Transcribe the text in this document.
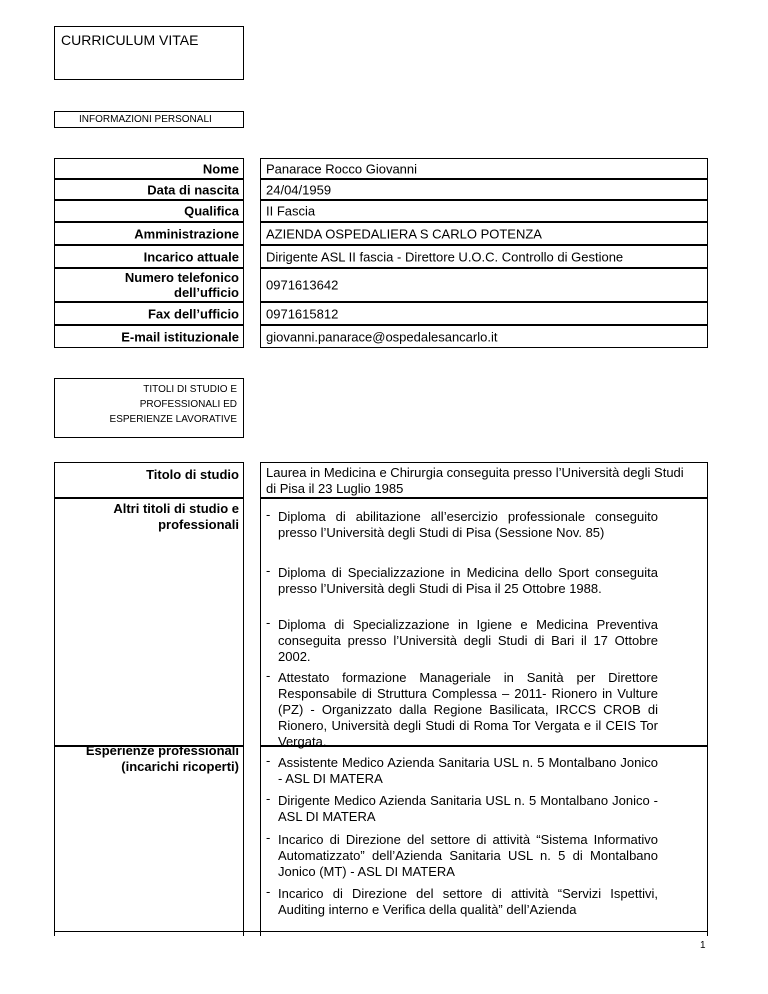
CURRICULUM VITAE
INFORMAZIONI PERSONALI
Nome Panarace Rocco Giovanni
Data di nascita 24/04/1959
Qualifica II Fascia
Amministrazione AZIENDA OSPEDALIERA S CARLO POTENZA
Incarico attuale Dirigente ASL II fascia - Direttore U.O.C. Controllo di Gestione
Numero telefonico dell’ufficio 0971613642
Fax dell’ufficio 0971615812
E-mail istituzionale giovanni.panarace@ospedalesancarlo.it
TITOLI DI STUDIO E
PROFESSIONALI ED
ESPERIENZE LAVORATIVE
Titolo di studio Laurea in Medicina e Chirurgia conseguita presso l’Università degli Studi di Pisa il 23 Luglio 1985
Altri titoli di studio e professionali
- Diploma di abilitazione all’esercizio professionale conseguito presso l’Università degli Studi di Pisa (Sessione Nov. 85)
- Diploma di Specializzazione in Medicina dello Sport conseguita presso l’Università degli Studi di Pisa il 25 Ottobre 1988.
- Diploma di Specializzazione in Igiene e Medicina Preventiva conseguita presso l’Università degli Studi di Bari il 17 Ottobre 2002.
- Attestato formazione Manageriale in Sanità per Direttore Responsabile di Struttura Complessa – 2011- Rionero in Vulture (PZ) - Organizzato dalla Regione Basilicata, IRCCS CROB di Rionero, Università degli Studi di Roma Tor Vergata e il CEIS Tor Vergata.
Esperienze professionali (incarichi ricoperti) - Assistente Medico Azienda Sanitaria USL n. 5 Montalbano Jonico - ASL DI MATERA
- Dirigente Medico Azienda Sanitaria USL n. 5 Montalbano Jonico - ASL DI MATERA
- Incarico di Direzione del settore di attività “Sistema Informativo Automatizzato” dell’Azienda Sanitaria USL n. 5 di Montalbano Jonico (MT) - ASL DI MATERA
- Incarico di Direzione del settore di attività “Servizi Ispettivi, Auditing interno e Verifica della qualità” dell’Azienda
1
